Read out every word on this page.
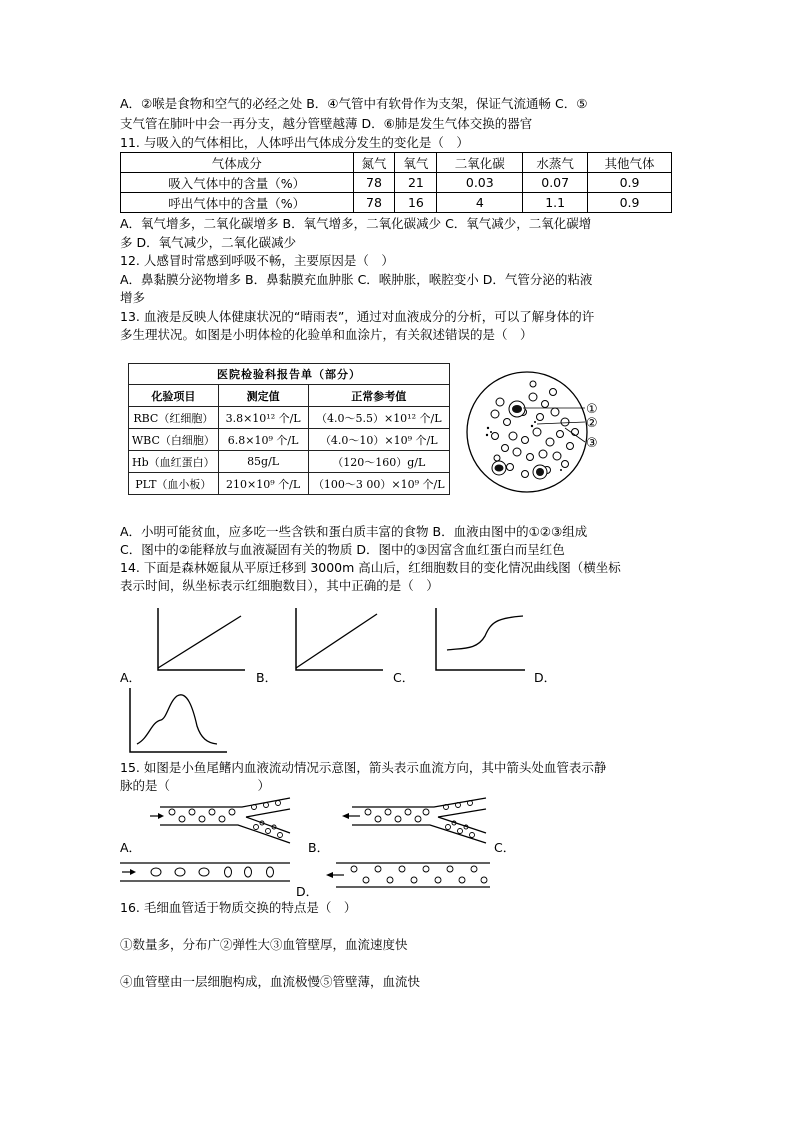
A．②喉是食物和空气的必经之处 B．④气管中有软骨作为支架，保证气流通畅 C．⑤
支气管在肺叶中会一再分支，越分管壁越薄 D．⑥肺是发生气体交换的器官
11. 与吸入的气体相比，人体呼出气体成分发生的变化是（　）
气体成分	氮气	氧气	二氧化碳	水蒸气	其他气体
吸入气体中的含量（%）	78	21	0.03	0.07	0.9
呼出气体中的含量（%）	78	16	4	1.1	0.9
A．氧气增多，二氧化碳增多 B．氧气增多，二氧化碳减少 C．氧气减少，二氧化碳增
多 D．氧气减少，二氧化碳减少
12. 人感冒时常感到呼吸不畅，主要原因是（　）
A．鼻黏膜分泌物增多 B．鼻黏膜充血肿胀 C．喉肿胀，喉腔变小 D．气管分泌的粘液
增多
13. 血液是反映人体健康状况的“晴雨表”，通过对血液成分的分析，可以了解身体的许
多生理状况。如图是小明体检的化验单和血涂片，有关叙述错误的是（　）
医院检验科报告单（部分）		
化验项目	测定值	正常参考值
RBC（红细胞）	3.8×10¹² 个/L	（4.0～5.5）×10¹² 个/L
WBC（白细胞）	6.8×10⁹ 个/L	（4.0～10）×10⁹ 个/L
Hb（血红蛋白）	85g/L	（120～160）g/L
PLT（血小板）	210×10⁹ 个/L	（100～3 00）×10⁹ 个/L
①
②
③
A．小明可能贫血，应多吃一些含铁和蛋白质丰富的食物 B．血液由图中的①②③组成
C．图中的②能释放与血液凝固有关的物质 D．图中的③因富含血红蛋白而呈红色
14. 下面是森林姬鼠从平原迁移到 3000m 高山后，红细胞数目的变化情况曲线图（横坐标
表示时间，纵坐标表示红细胞数目），其中正确的是（　）
A．	B．	C．	D．
15. 如图是小鱼尾鳍内血液流动情况示意图，箭头表示血流方向，其中箭头处血管表示静
脉的是（　　　　　　　）
A．	B．	C．
D．
16. 毛细血管适于物质交换的特点是（　）
①数量多，分布广②弹性大③血管壁厚，血流速度快
④血管壁由一层细胞构成，血流极慢⑤管壁薄，血流快
